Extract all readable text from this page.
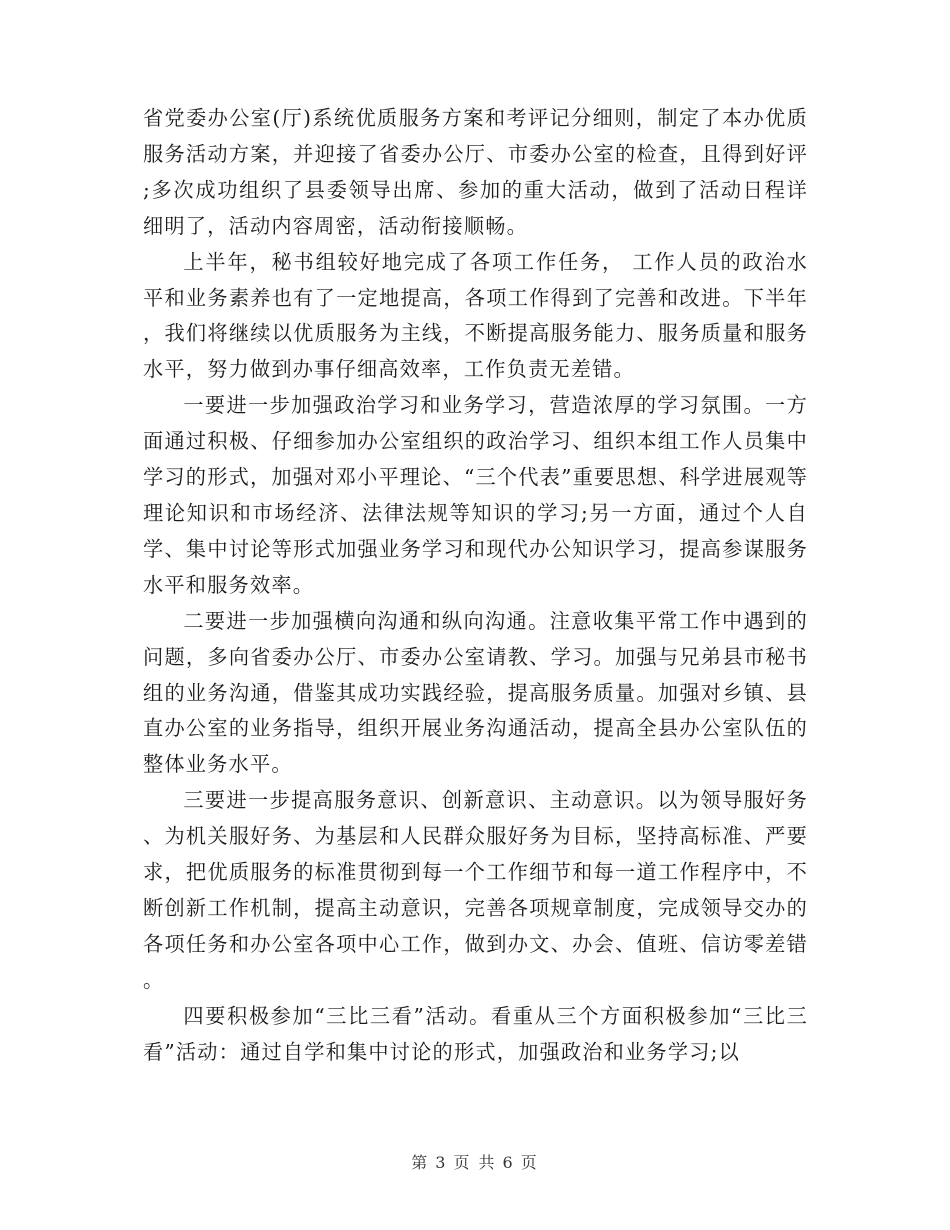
省党委办公室(厅)系统优质服务方案和考评记分细则，制定了本办优质服务活动方案，并迎接了省委办公厅、市委办公室的检查，且得到好评;多次成功组织了县委领导出席、参加的重大活动，做到了活动日程详细明了，活动内容周密，活动衔接顺畅。

上半年，秘书组较好地完成了各项工作任务， 工作人员的政治水平和业务素养也有了一定地提高，各项工作得到了完善和改进。下半年，我们将继续以优质服务为主线，不断提高服务能力、服务质量和服务水平，努力做到办事仔细高效率，工作负责无差错。

一要进一步加强政治学习和业务学习，营造浓厚的学习氛围。一方面通过积极、仔细参加办公室组织的政治学习、组织本组工作人员集中学习的形式，加强对邓小平理论、“三个代表”重要思想、科学进展观等理论知识和市场经济、法律法规等知识的学习;另一方面，通过个人自学、集中讨论等形式加强业务学习和现代办公知识学习，提高参谋服务水平和服务效率。

二要进一步加强横向沟通和纵向沟通。注意收集平常工作中遇到的问题，多向省委办公厅、市委办公室请教、学习。加强与兄弟县市秘书组的业务沟通，借鉴其成功实践经验，提高服务质量。加强对乡镇、县直办公室的业务指导，组织开展业务沟通活动，提高全县办公室队伍的整体业务水平。

三要进一步提高服务意识、创新意识、主动意识。以为领导服好务、为机关服好务、为基层和人民群众服好务为目标，坚持高标准、严要求，把优质服务的标准贯彻到每一个工作细节和每一道工作程序中，不断创新工作机制，提高主动意识，完善各项规章制度，完成领导交办的各项任务和办公室各项中心工作，做到办文、办会、值班、信访零差错。

四要积极参加“三比三看”活动。看重从三个方面积极参加“三比三看”活动：通过自学和集中讨论的形式，加强政治和业务学习;以

第 3 页 共 6 页
